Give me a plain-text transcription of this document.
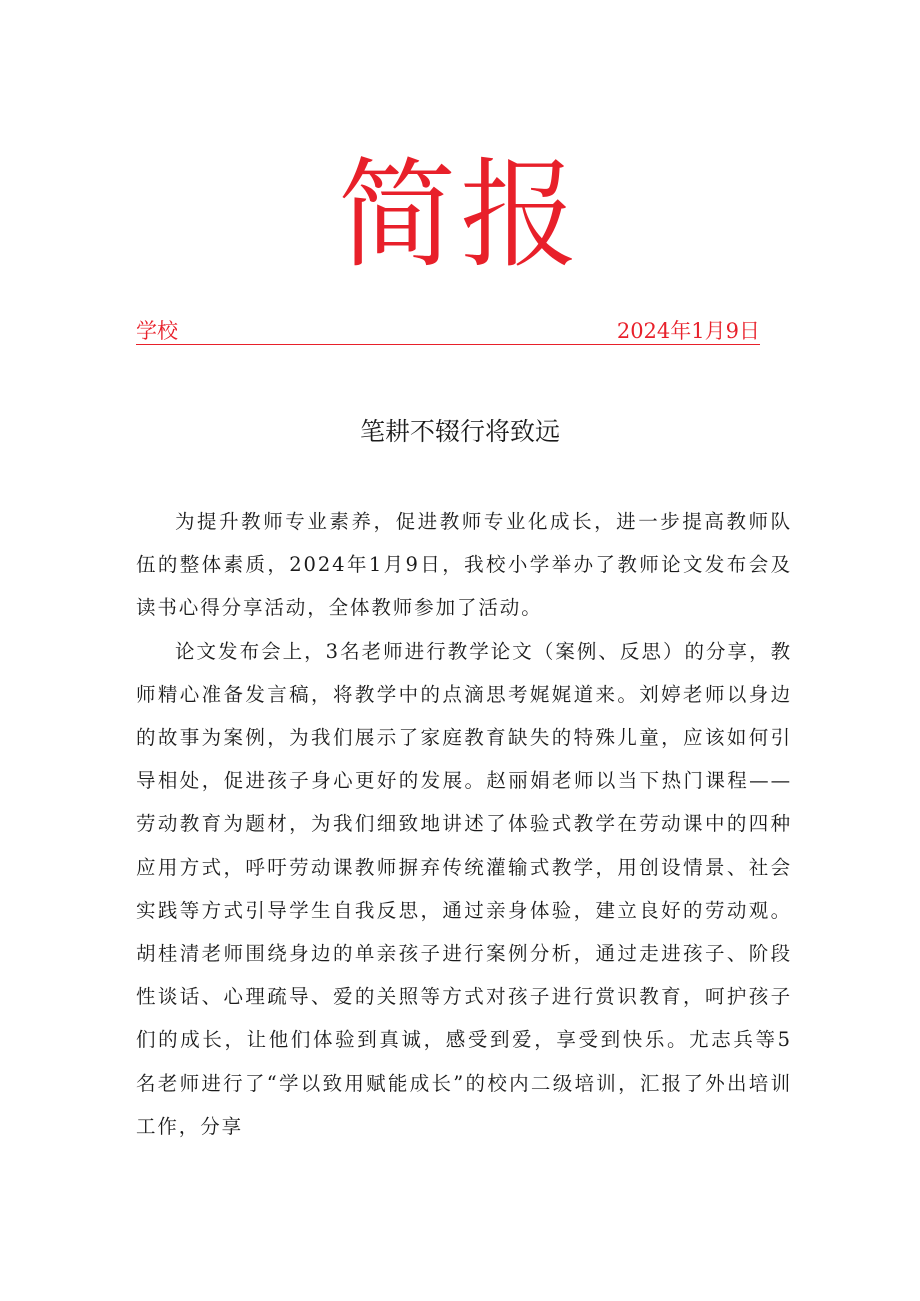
简报
学校	2024年1月9日
笔耕不辍行将致远

为提升教师专业素养，促进教师专业化成长，进一步提高教师队伍的整体素质，2024年1月9日，我校小学举办了教师论文发布会及读书心得分享活动，全体教师参加了活动。

论文发布会上，3名老师进行教学论文（案例、反思）的分享，教师精心准备发言稿，将教学中的点滴思考娓娓道来。刘婷老师以身边的故事为案例，为我们展示了家庭教育缺失的特殊儿童，应该如何引导相处，促进孩子身心更好的发展。赵丽娟老师以当下热门课程——劳动教育为题材，为我们细致地讲述了体验式教学在劳动课中的四种应用方式，呼吁劳动课教师摒弃传统灌输式教学，用创设情景、社会实践等方式引导学生自我反思，通过亲身体验，建立良好的劳动观。胡桂清老师围绕身边的单亲孩子进行案例分析，通过走进孩子、阶段性谈话、心理疏导、爱的关照等方式对孩子进行赏识教育，呵护孩子们的成长，让他们体验到真诚，感受到爱，享受到快乐。尤志兵等5名老师进行了“学以致用赋能成长”的校内二级培训，汇报了外出培训工作，分享
